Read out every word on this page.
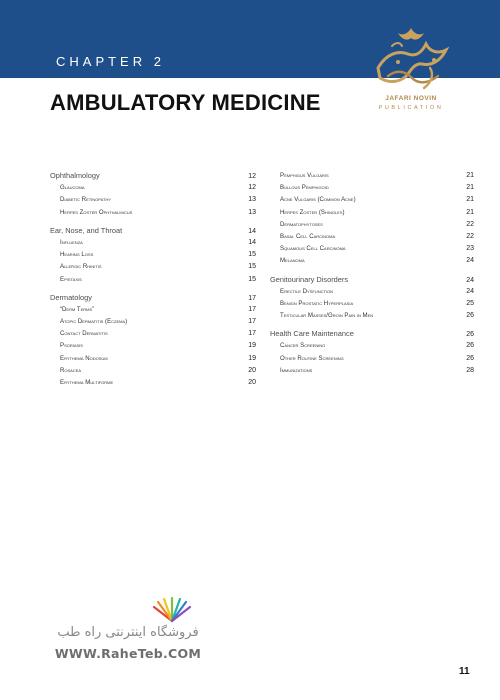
CHAPTER 2
JAFARI NOVIN
PUBLICATION
AMBULATORY MEDICINE
Ophthalmology	12
Glaucoma	12
Diabetic Retinopathy	13
Herpes Zoster Ophthalmicus	13
Ear, Nose, and Throat	14
Influenza	14
Hearing Loss	15
Allergic Rhinitis	15
Epistaxis	15
Dermatology	17
“Derm Terms”	17
Atopic Dermatitis (Eczema)	17
Contact Dermatitis	17
Psoriasis	19
Erythema Nodosum	19
Rosacea	20
Erythema Multiforme	20
Pemphigus Vulgaris	21
Bullous Pemphigoid	21
Acne Vulgaris (Common Acne)	21
Herpes Zoster (Shingles)	21
Dermatophytoses	22
Basal Cell Carcinoma	22
Squamous Cell Carcinoma	23
Melanoma	24
Genitourinary Disorders	24
Erectile Dysfunction	24
Benign Prostatic Hyperplasia	25
Testicular Masses/Groin Pain in Men	26
Health Care Maintenance	26
Cancer Screening	26
Other Routine Screening	26
Immunizations	28
فروشگاه اینترنتی راه طب
WWW.RaheTeb.COM
11
